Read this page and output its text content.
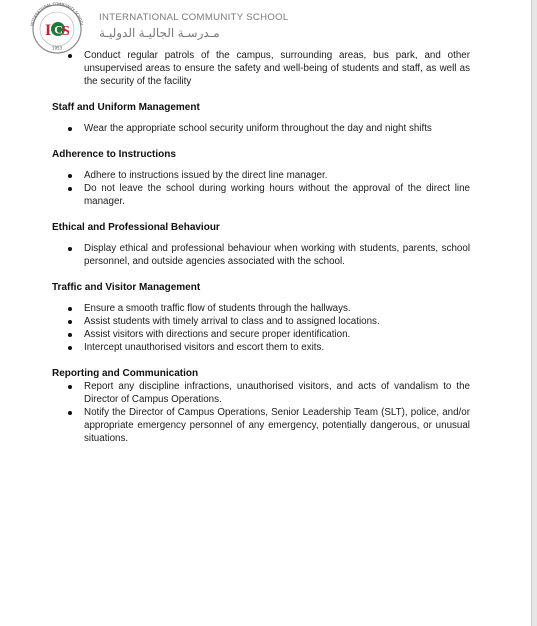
INTERNATIONAL COMMUNITY SCHOOL
I C S
1953
INTERNATIONAL COMMUNITY SCHOOL
مـدرسـة الجاليـة الدوليـة
Conduct regular patrols of the campus, surrounding areas, bus park, and other unsupervised areas to ensure the safety and well-being of students and staff, as well as the security of the facility
Staff and Uniform Management
Wear the appropriate school security uniform throughout the day and night shifts
Adherence to Instructions
Adhere to instructions issued by the direct line manager.
Do not leave the school during working hours without the approval of the direct line manager.
Ethical and Professional Behaviour
Display ethical and professional behaviour when working with students, parents, school personnel, and outside agencies associated with the school.
Traffic and Visitor Management
Ensure a smooth traffic flow of students through the hallways.
Assist students with timely arrival to class and to assigned locations.
Assist visitors with directions and secure proper identification.
Intercept unauthorised visitors and escort them to exits.
Reporting and Communication
Report any discipline infractions, unauthorised visitors, and acts of vandalism to the Director of Campus Operations.
Notify the Director of Campus Operations, Senior Leadership Team (SLT), police, and/or appropriate emergency personnel of any emergency, potentially dangerous, or unusual situations.
